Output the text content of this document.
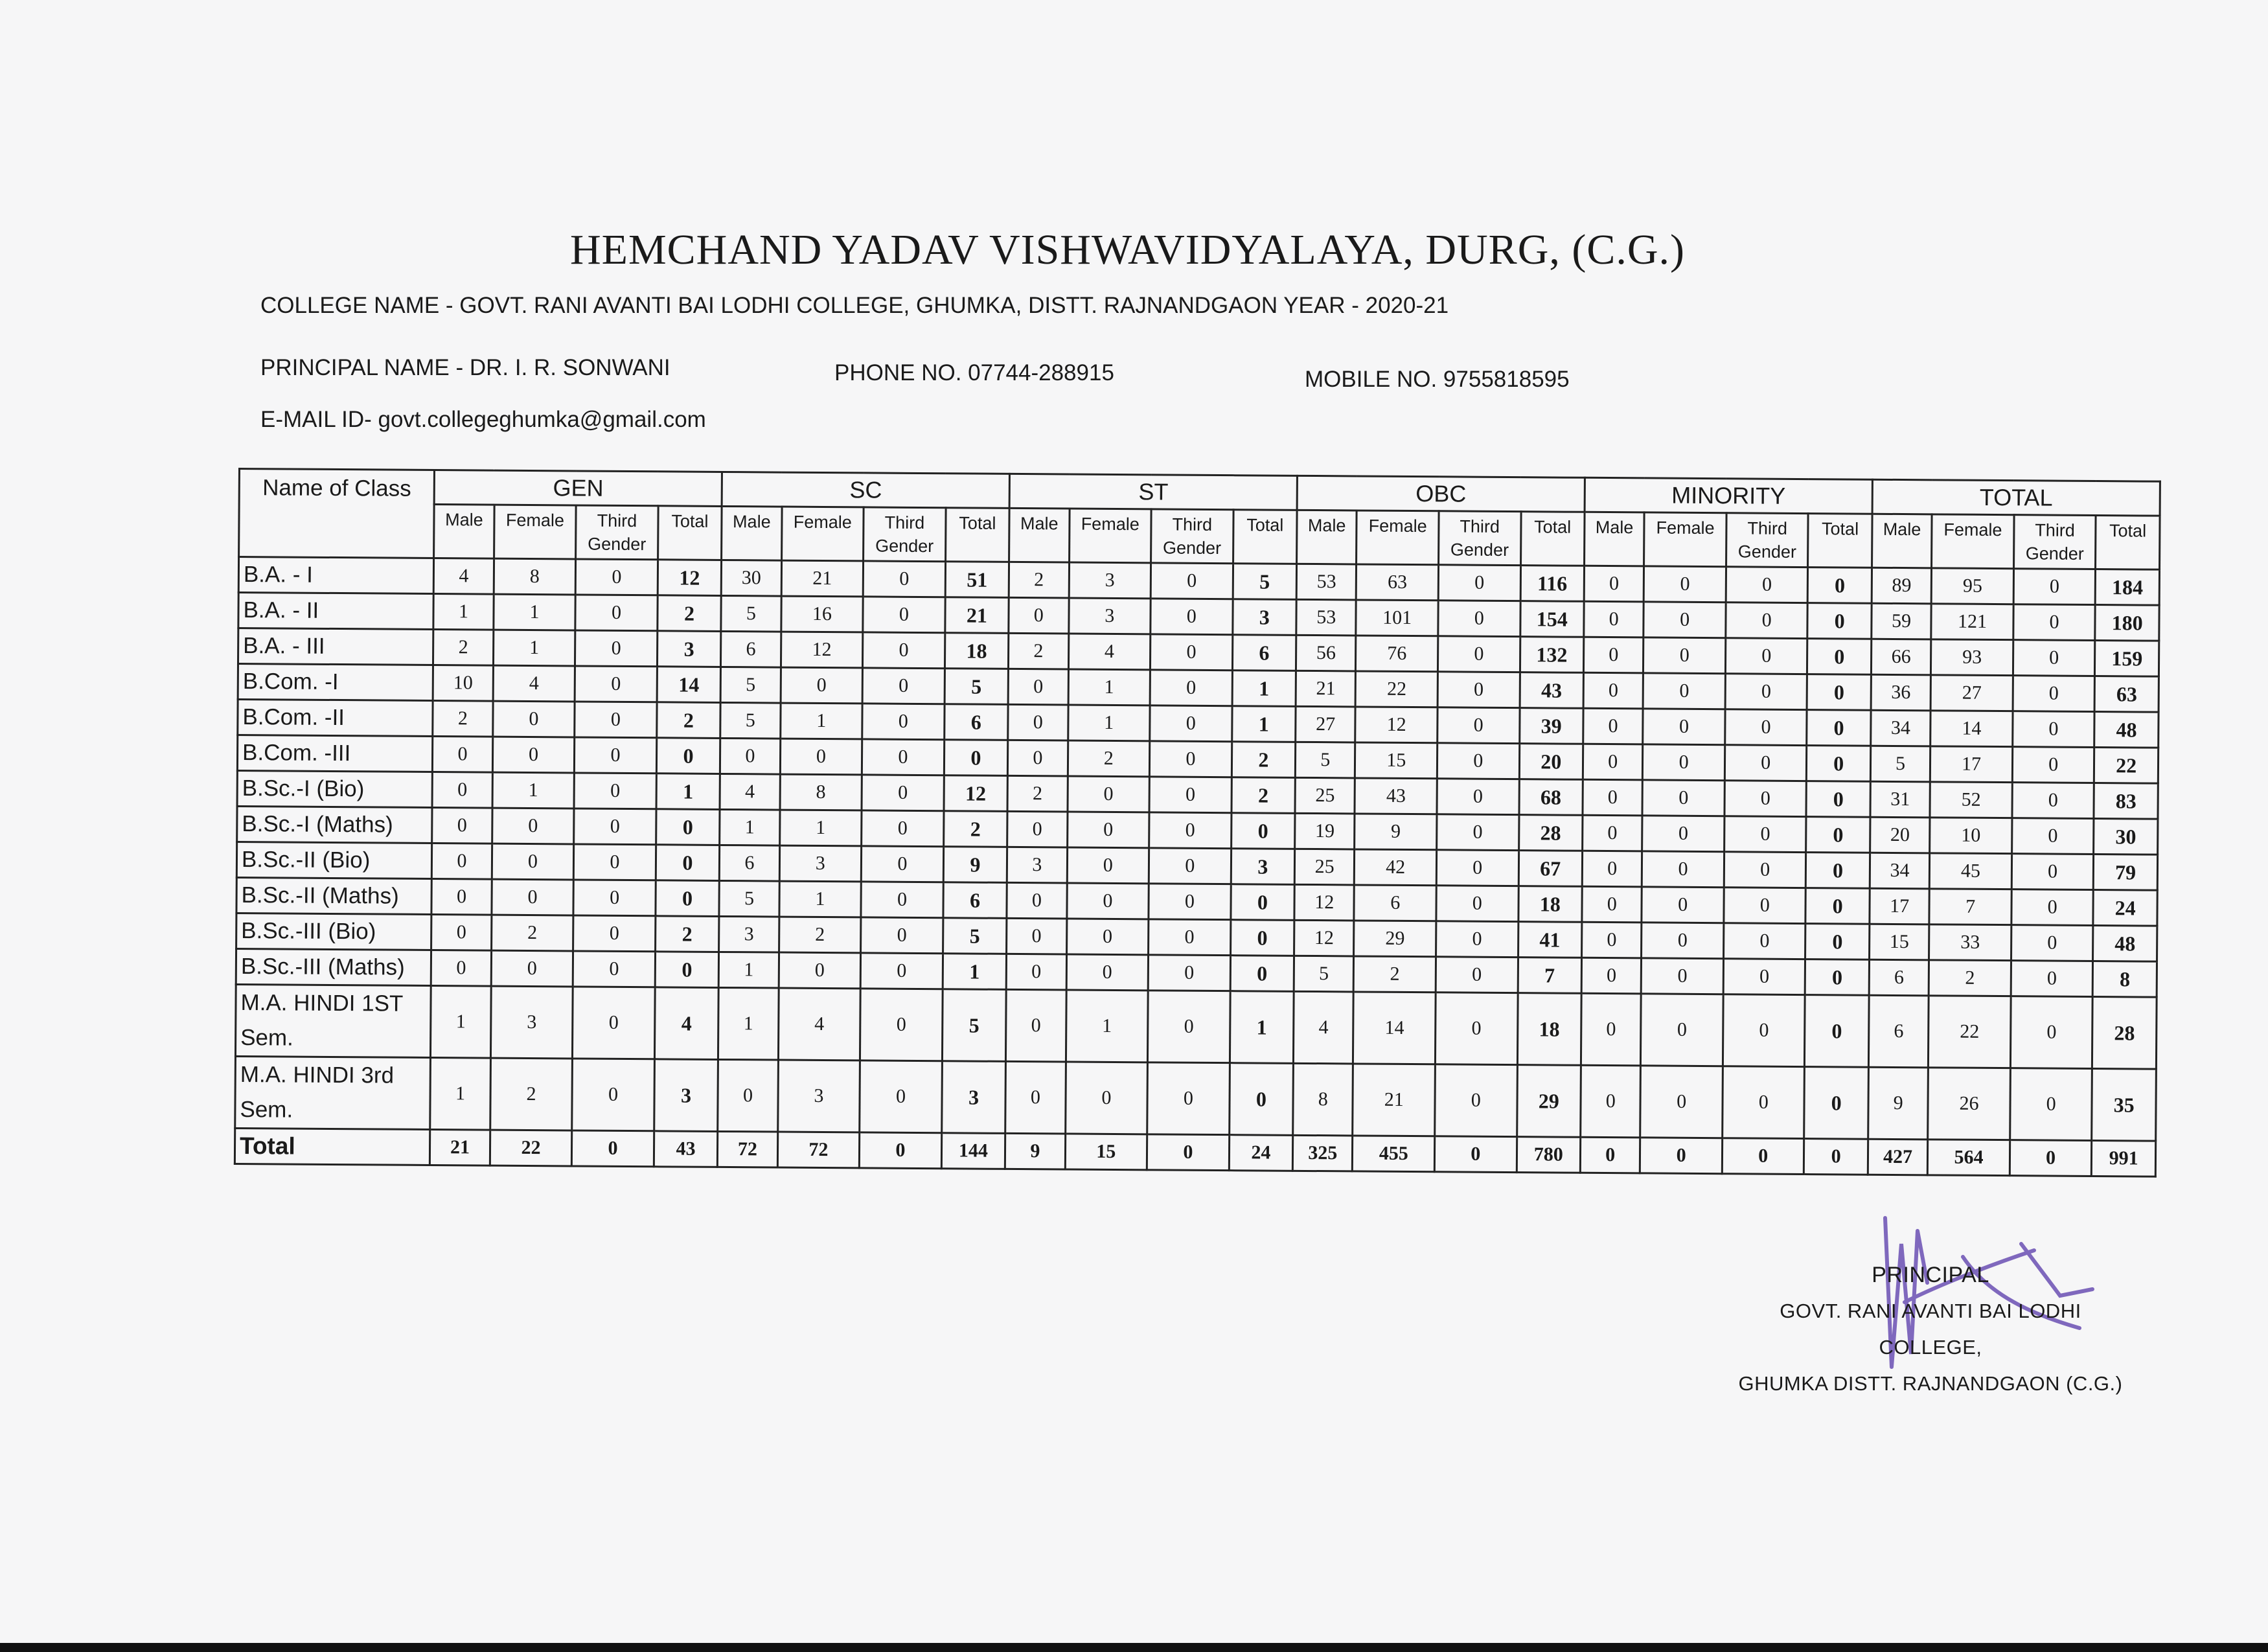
HEMCHAND YADAV VISHWAVIDYALAYA, DURG, (C.G.)
COLLEGE NAME - GOVT. RANI AVANTI BAI LODHI COLLEGE, GHUMKA, DISTT. RAJNANDGAON YEAR - 2020-21
PRINCIPAL NAME - DR. I. R. SONWANI	PHONE NO. 07744-288915	MOBILE NO. 9755818595
E-MAIL ID- govt.collegeghumka@gmail.com
Name of Class	GEN				SC				ST				OBC				MINORITY				TOTAL			
	Male	Female	Third Gender	Total	Male	Female	Third Gender	Total	Male	Female	Third Gender	Total	Male	Female	Third Gender	Total	Male	Female	Third Gender	Total	Male	Female	Third Gender	Total
B.A. - I	4	8	0	12	30	21	0	51	2	3	0	5	53	63	0	116	0	0	0	0	89	95	0	184
B.A. - II	1	1	0	2	5	16	0	21	0	3	0	3	53	101	0	154	0	0	0	0	59	121	0	180
B.A. - III	2	1	0	3	6	12	0	18	2	4	0	6	56	76	0	132	0	0	0	0	66	93	0	159
B.Com. -I	10	4	0	14	5	0	0	5	0	1	0	1	21	22	0	43	0	0	0	0	36	27	0	63
B.Com. -II	2	0	0	2	5	1	0	6	0	1	0	1	27	12	0	39	0	0	0	0	34	14	0	48
B.Com. -III	0	0	0	0	0	0	0	0	0	2	0	2	5	15	0	20	0	0	0	0	5	17	0	22
B.Sc.-I (Bio)	0	1	0	1	4	8	0	12	2	0	0	2	25	43	0	68	0	0	0	0	31	52	0	83
B.Sc.-I (Maths)	0	0	0	0	1	1	0	2	0	0	0	0	19	9	0	28	0	0	0	0	20	10	0	30
B.Sc.-II (Bio)	0	0	0	0	6	3	0	9	3	0	0	3	25	42	0	67	0	0	0	0	34	45	0	79
B.Sc.-II (Maths)	0	0	0	0	5	1	0	6	0	0	0	0	12	6	0	18	0	0	0	0	17	7	0	24
B.Sc.-III (Bio)	0	2	0	2	3	2	0	5	0	0	0	0	12	29	0	41	0	0	0	0	15	33	0	48
B.Sc.-III (Maths)	0	0	0	0	1	0	0	1	0	0	0	0	5	2	0	7	0	0	0	0	6	2	0	8
M.A. HINDI 1ST Sem.	1	3	0	4	1	4	0	5	0	1	0	1	4	14	0	18	0	0	0	0	6	22	0	28
M.A. HINDI 3rd Sem.	1	2	0	3	0	3	0	3	0	0	0	0	8	21	0	29	0	0	0	0	9	26	0	35
Total	21	22	0	43	72	72	0	144	9	15	0	24	325	455	0	780	0	0	0	0	427	564	0	991
PRINCIPAL
GOVT. RANI AVANTI BAI LODHI COLLEGE,
GHUMKA DISTT. RAJNANDGAON (C.G.)
